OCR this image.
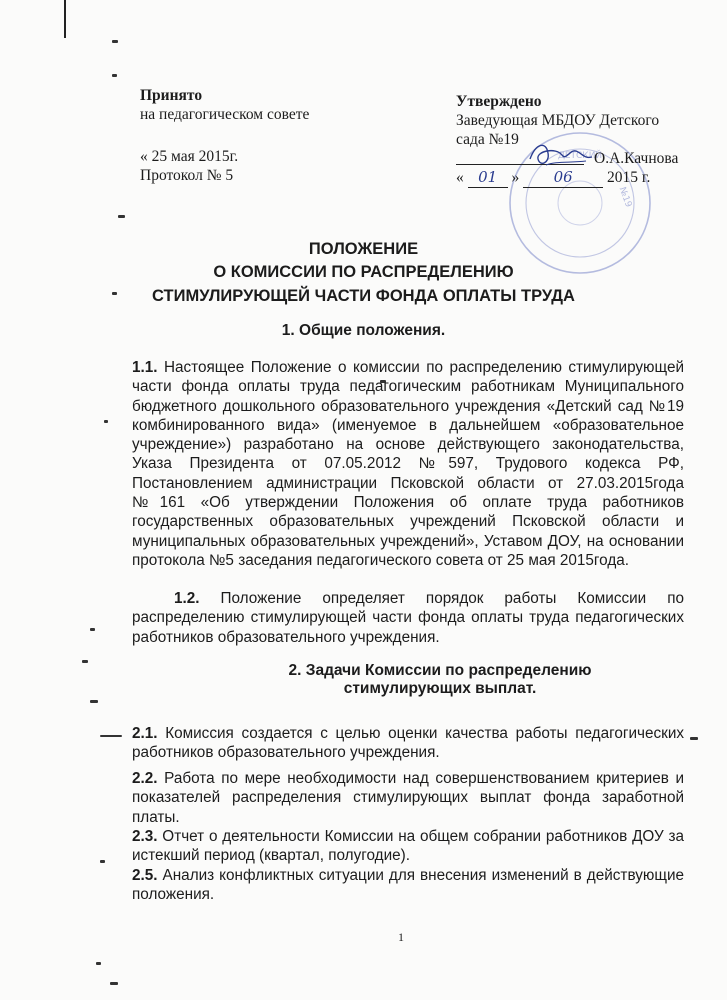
Принято
на педагогическом совете
« 25 мая 2015г.
Протокол № 5
ДЕТСКИЙ
№19
Утверждено
Заведующая МБДОУ Детского
сада №19
О.А.Качнова
« 01 » 06 2015 г.
ПОЛОЖЕНИЕ
О КОМИССИИ ПО РАСПРЕДЕЛЕНИЮ
СТИМУЛИРУЮЩЕЙ ЧАСТИ ФОНДА ОПЛАТЫ ТРУДА
1. Общие положения.
1.1. Настоящее Положение о комиссии по распределению стимулирующей части фонда оплаты труда педагогическим работникам Муниципального бюджетного дошкольного образовательного учреждения «Детский сад №19 комбинированного вида» (именуемое в дальнейшем «образовательное учреждение») разработано на основе действующего законодательства, Указа Президента от 07.05.2012 №597, Трудового кодекса РФ, Постановлением администрации Псковской области от 27.03.2015года №161 «Об утверждении Положения об оплате труда работников государственных образовательных учреждений Псковской области и муниципальных образовательных учреждений», Уставом ДОУ, на основании протокола №5 заседания педагогического совета от 25 мая 2015года.
1.2. Положение определяет порядок работы Комиссии по распределению стимулирующей части фонда оплаты труда педагогических работников образовательного учреждения.
2. Задачи Комиссии по распределению
стимулирующих выплат.
2.1. Комиссия создается с целью оценки качества работы педагогических работников образовательного учреждения.
2.2. Работа по мере необходимости над совершенствованием критериев и показателей распределения стимулирующих выплат фонда заработной платы.
2.3. Отчет о деятельности Комиссии на общем собрании работников ДОУ за истекший период (квартал, полугодие).
2.5. Анализ конфликтных ситуации для внесения изменений в действующие положения.
1
